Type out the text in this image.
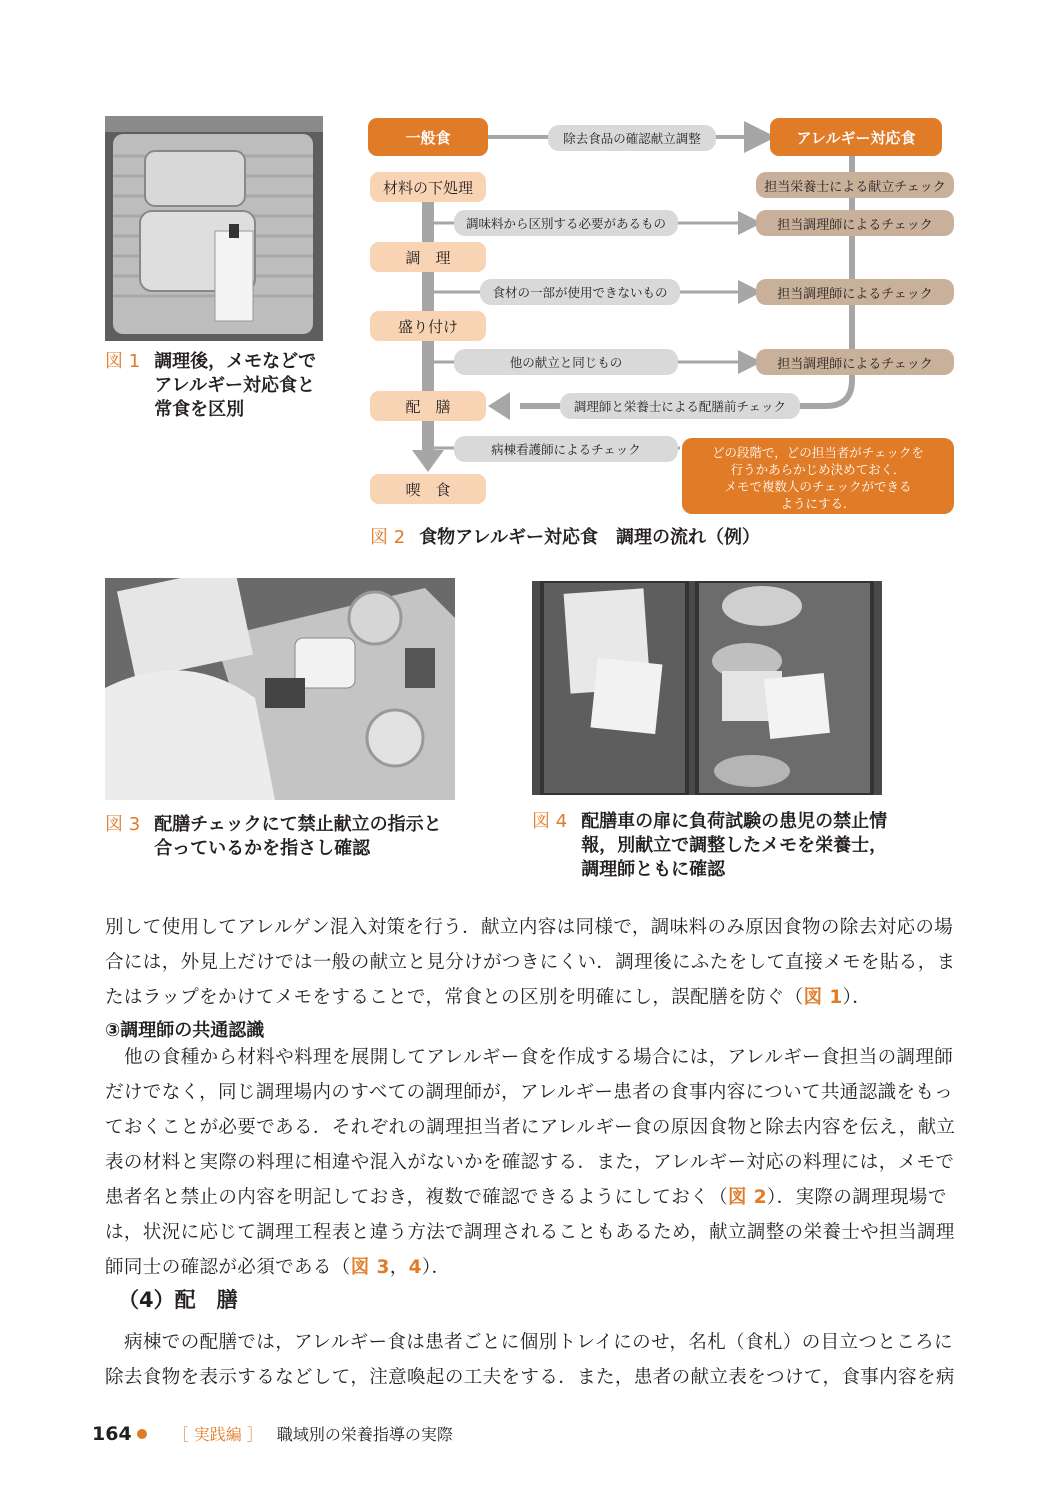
図 1 調理後，メモなどで
アレルギー対応食と
常食を区別
一般食	除去食品の確認献立調整	アレルギー対応食
材料の下処理
調　理
盛り付け
配　膳
喫　食
調味料から区別する必要があるもの
食材の一部が使用できないもの
他の献立と同じもの
担当栄養士による献立チェック
担当調理師によるチェック
担当調理師によるチェック
担当調理師によるチェック
調理師と栄養士による配膳前チェック
病棟看護師によるチェック	どの段階で，どの担当者がチェックを
行うかあらかじめ決めておく．
メモで複数人のチェックができる
ようにする．
図 2 食物アレルギー対応食　調理の流れ（例）
図 3 配膳チェックにて禁止献立の指示と
合っているかを指さし確認
図 4 配膳車の扉に負荷試験の患児の禁止情
報，別献立で調整したメモを栄養士，
調理師ともに確認
別して使用してアレルゲン混入対策を行う．献立内容は同様で，調味料のみ原因食物の除去対応の場合には，外見上だけでは一般の献立と見分けがつきにくい．調理後にふたをして直接メモを貼る，またはラップをかけてメモをすることで，常食との区別を明確にし，誤配膳を防ぐ（図 1）．
③調理師の共通認識
他の食種から材料や料理を展開してアレルギー食を作成する場合には，アレルギー食担当の調理師だけでなく，同じ調理場内のすべての調理師が，アレルギー患者の食事内容について共通認識をもっておくことが必要である．それぞれの調理担当者にアレルギー食の原因食物と除去内容を伝え，献立表の材料と実際の料理に相違や混入がないかを確認する．また，アレルギー対応の料理には，メモで患者名と禁止の内容を明記しておき，複数で確認できるようにしておく（図 2）．実際の調理現場では，状況に応じて調理工程表と違う方法で調理されることもあるため，献立調整の栄養士や担当調理師同士の確認が必須である（図 3，4）．
（4）配　膳
病棟での配膳では，アレルギー食は患者ごとに個別トレイにのせ，名札（食札）の目立つところに除去食物を表示するなどして，注意喚起の工夫をする．また，患者の献立表をつけて，食事内容を病
164	［ 実践編 ］ 職域別の栄養指導の実際
